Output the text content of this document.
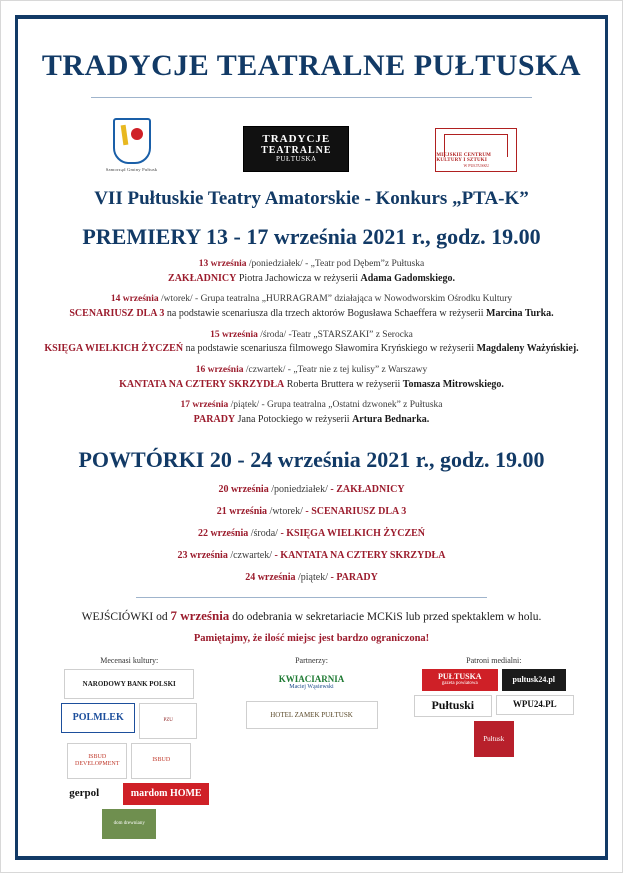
TRADYCJE TEATRALNE PUŁTUSKA
Samorząd Gminy Pułtusk
TRADYCJE
TEATRALNE
PUŁTUSKA	MIEJSKIE CENTRUM KULTURY I SZTUKI
W PUŁTUSKU
VII Pułtuskie Teatry Amatorskie - Konkurs „PTA-K”
PREMIERY 13 - 17 września 2021 r., godz. 19.00
13 września /poniedziałek/ - „Teatr pod Dębem”z Pułtuska
ZAKŁADNICY Piotra Jachowicza w reżyserii Adama Gadomskiego.
14 września /wtorek/ - Grupa teatralna „HURRAGRAM” działająca w Nowodworskim Ośrodku Kultury
SCENARIUSZ DLA 3 na podstawie scenariusza dla trzech aktorów Bogusława Schaeffera w reżyserii Marcina Turka.
15 września /środa/ -Teatr „STARSZAKI” z Serocka
KSIĘGA WIELKICH ŻYCZEŃ na podstawie scenariusza filmowego Sławomira Kryńskiego w reżyserii Magdaleny Ważyńskiej.
16 września /czwartek/ - „Teatr nie z tej kulisy” z Warszawy
KANTATA NA CZTERY SKRZYDŁA Roberta Bruttera w reżyserii Tomasza Mitrowskiego.
17 września /piątek/ - Grupa teatralna „Ostatni dzwonek” z Pułtuska
PARADY Jana Potockiego w reżyserii Artura Bednarka.
POWTÓRKI 20 - 24 września 2021 r., godz. 19.00
20 września /poniedziałek/ - ZAKŁADNICY
21 września /wtorek/ - SCENARIUSZ DLA 3
22 września /środa/ - KSIĘGA WIELKICH ŻYCZEŃ
23 września /czwartek/ - KANTATA NA CZTERY SKRZYDŁA
24 września /piątek/ - PARADY
WEJŚCIÓWKI od 7 września do odebrania w sekretariacie MCKiS lub przed spektaklem w holu.
Pamiętajmy, że ilość miejsc jest bardzo ograniczona!
Mecenasi kultury:
NARODOWY BANK POLSKI
POLMLEK	PZU
ISBUD DEVELOPMENT
ISBUD
gerpol	mardom HOME
dom drewniany
Partnerzy:
KWIACIARNIA
Maciej Wąsiewski
HOTEL ZAMEK PUŁTUSK
Patroni medialni:
PUŁTUSKA
gazeta powiatowa	pultusk24.pl
Pułtuski	WPU24.PL
Pułtusk
